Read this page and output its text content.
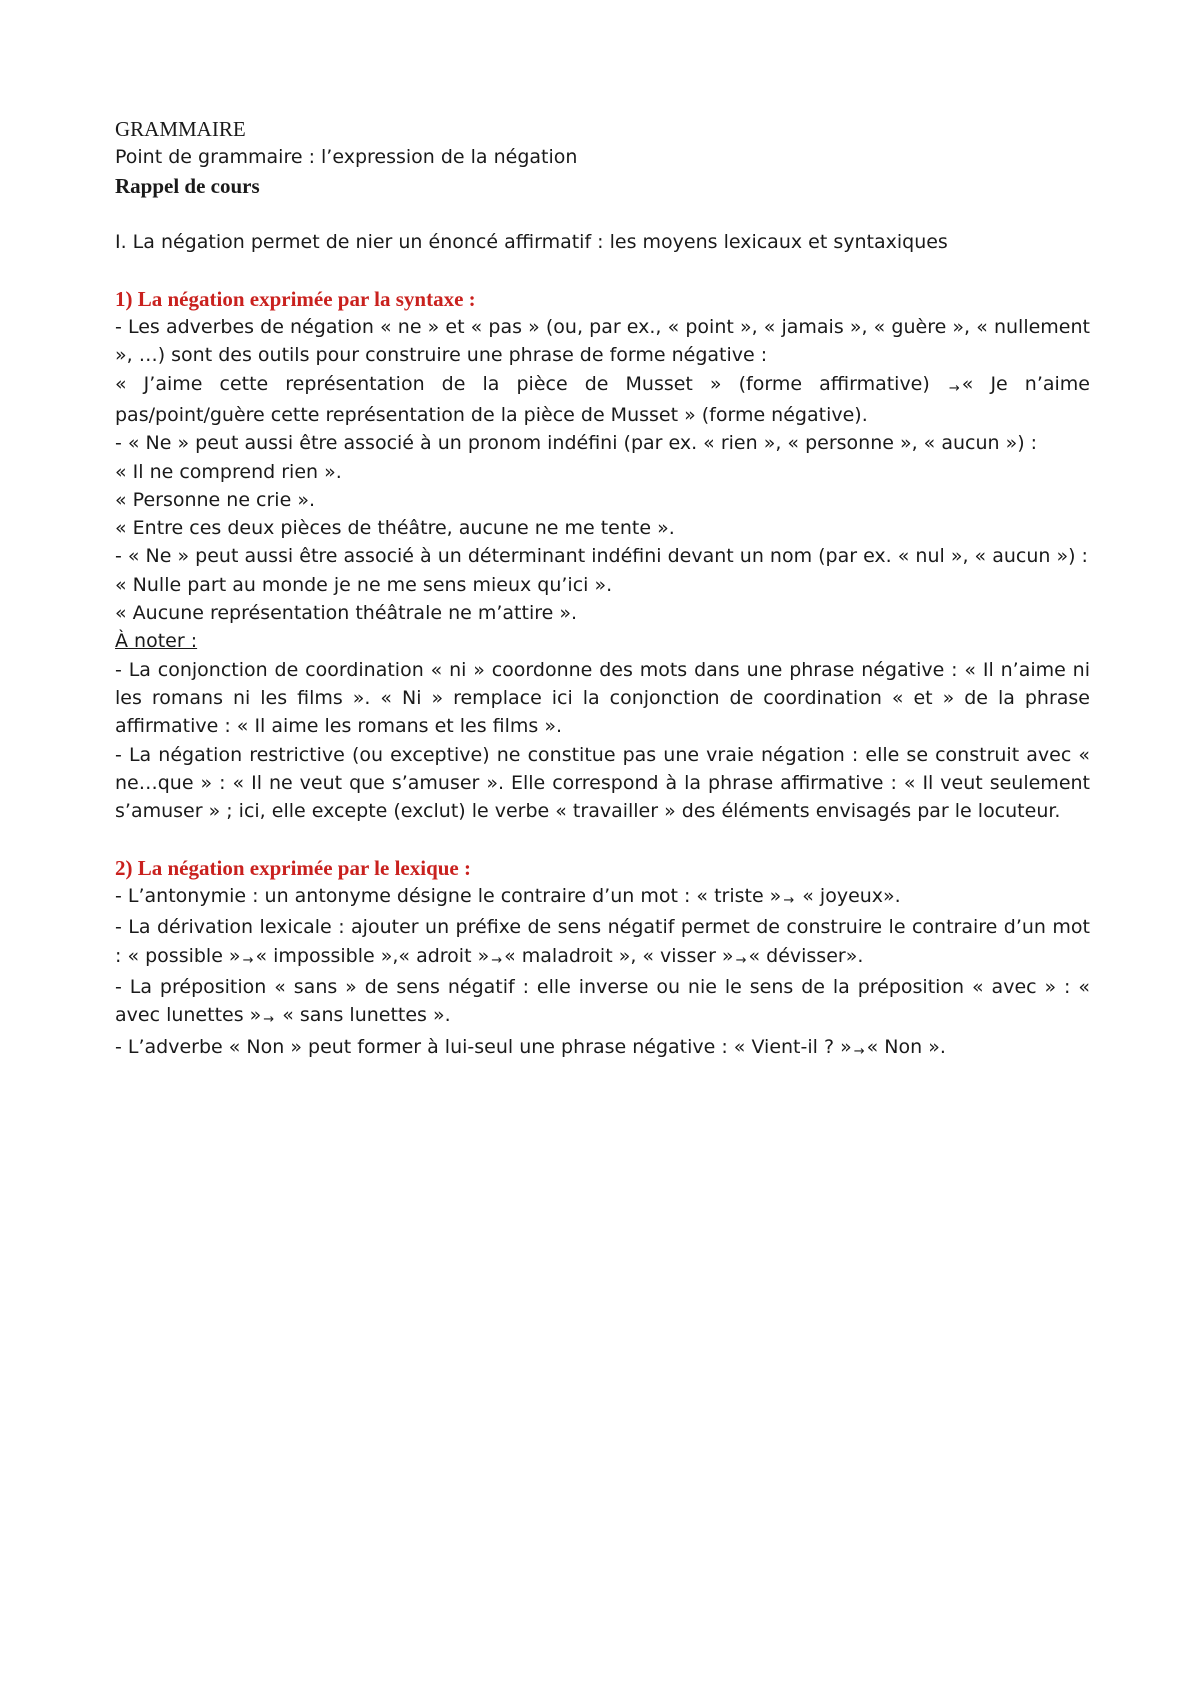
GRAMMAIRE

Point de grammaire : l’expression de la négation

Rappel de cours

I. La négation permet de nier un énoncé affirmatif : les moyens lexicaux et syntaxiques

1) La négation exprimée par la syntaxe :

- Les adverbes de négation « ne » et « pas » (ou, par ex., « point », « jamais », « guère », « nullement », …) sont des outils pour construire une phrase de forme négative :

« J’aime cette représentation de la pièce de Musset » (forme affirmative) → « Je n’aime pas/point/guère cette représentation de la pièce de Musset » (forme négative).

- « Ne » peut aussi être associé à un pronom indéfini (par ex. « rien », « personne », « aucun ») :

« Il ne comprend rien ».

« Personne ne crie ».

« Entre ces deux pièces de théâtre, aucune ne me tente ».

- « Ne » peut aussi être associé à un déterminant indéfini devant un nom (par ex. « nul », « aucun ») :

« Nulle part au monde je ne me sens mieux qu’ici ».

« Aucune représentation théâtrale ne m’attire ».

À noter :

- La conjonction de coordination « ni » coordonne des mots dans une phrase négative : « Il n’aime ni les romans ni les films ». « Ni » remplace ici la conjonction de coordination « et » de la phrase affirmative : « Il aime les romans et les films ».

- La négation restrictive (ou exceptive) ne constitue pas une vraie négation : elle se construit avec « ne…que » : « Il ne veut que s’amuser ». Elle correspond à la phrase affirmative : « Il veut seulement s’amuser » ; ici, elle excepte (exclut) le verbe « travailler » des éléments envisagés par le locuteur.

2) La négation exprimée par le lexique :

- L’antonymie : un antonyme désigne le contraire d’un mot : « triste » → « joyeux».

- La dérivation lexicale : ajouter un préfixe de sens négatif permet de construire le contraire d’un mot : « possible » → « impossible »,« adroit » → « maladroit », « visser » → « dévisser».

- La préposition « sans » de sens négatif : elle inverse ou nie le sens de la préposition « avec » : « avec lunettes » → « sans lunettes ».

- L’adverbe « Non » peut former à lui-seul une phrase négative : « Vient-il ? » → « Non ».
